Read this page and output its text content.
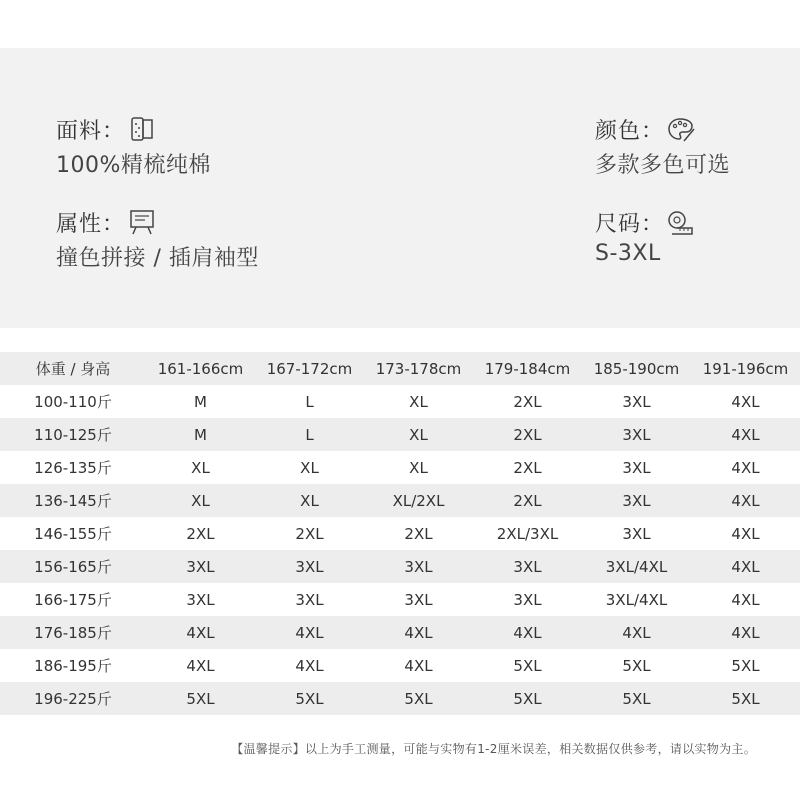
面料：
100%精梳纯棉
颜色：
多款多色可选
属性：
撞色拼接 / 插肩袖型
尺码：
S-3XL
体重 / 身高	161-166cm	167-172cm	173-178cm	179-184cm	185-190cm	191-196cm
100-110斤	M	L	XL	2XL	3XL	4XL
110-125斤	M	L	XL	2XL	3XL	4XL
126-135斤	XL	XL	XL	2XL	3XL	4XL
136-145斤	XL	XL	XL/2XL	2XL	3XL	4XL
146-155斤	2XL	2XL	2XL	2XL/3XL	3XL	4XL
156-165斤	3XL	3XL	3XL	3XL	3XL/4XL	4XL
166-175斤	3XL	3XL	3XL	3XL	3XL/4XL	4XL
176-185斤	4XL	4XL	4XL	4XL	4XL	4XL
186-195斤	4XL	4XL	4XL	5XL	5XL	5XL
196-225斤	5XL	5XL	5XL	5XL	5XL	5XL
【温馨提示】以上为手工测量，可能与实物有1-2厘米误差，相关数据仅供参考，请以实物为主。
